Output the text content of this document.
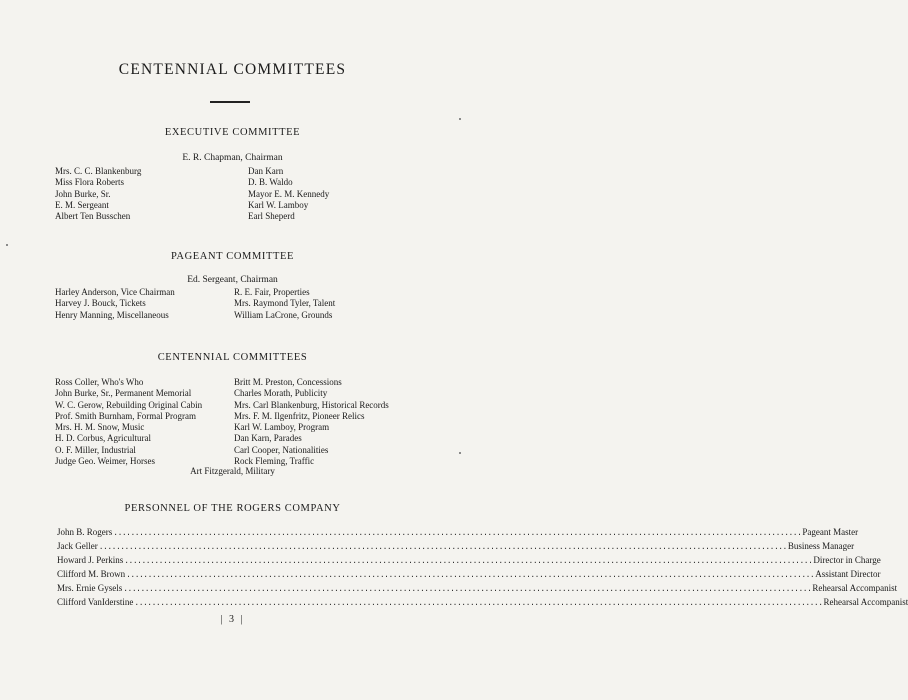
CENTENNIAL COMMITTEES
EXECUTIVE COMMITTEE
E. R. Chapman, Chairman
Mrs. C. C. Blankenburg
Miss Flora Roberts
John Burke, Sr.
E. M. Sergeant
Albert Ten Busschen
Dan Karn
D. B. Waldo
Mayor E. M. Kennedy
Karl W. Lamboy
Earl Sheperd
PAGEANT COMMITTEE
Ed. Sergeant, Chairman
Harley Anderson, Vice Chairman
Harvey J. Bouck, Tickets
Henry Manning, Miscellaneous
R. E. Fair, Properties
Mrs. Raymond Tyler, Talent
William LaCrone, Grounds
CENTENNIAL COMMITTEES
Ross Coller, Who's Who
John Burke, Sr., Permanent Memorial
W. C. Gerow, Rebuilding Original Cabin
Prof. Smith Burnham, Formal Program
Mrs. H. M. Snow, Music
H. D. Corbus, Agricultural
O. F. Miller, Industrial
Judge Geo. Weimer, Horses
Britt M. Preston, Concessions
Charles Morath, Publicity
Mrs. Carl Blankenburg, Historical Records
Mrs. F. M. Ilgenfritz, Pioneer Relics
Karl W. Lamboy, Program
Dan Karn, Parades
Carl Cooper, Nationalities
Rock Fleming, Traffic
Art Fitzgerald, Military
PERSONNEL OF THE ROGERS COMPANY
John B. Rogers ................................................................................................................................................................ Pageant Master
Jack Geller ................................................................................................................................................................ Business Manager
Howard J. Perkins ................................................................................................................................................................ Director in Charge
Clifford M. Brown ................................................................................................................................................................ Assistant Director
Mrs. Ernie Gysels ................................................................................................................................................................ Rehearsal Accompanist
Clifford VanIderstine ................................................................................................................................................................ Rehearsal Accompanist
| 3 |
